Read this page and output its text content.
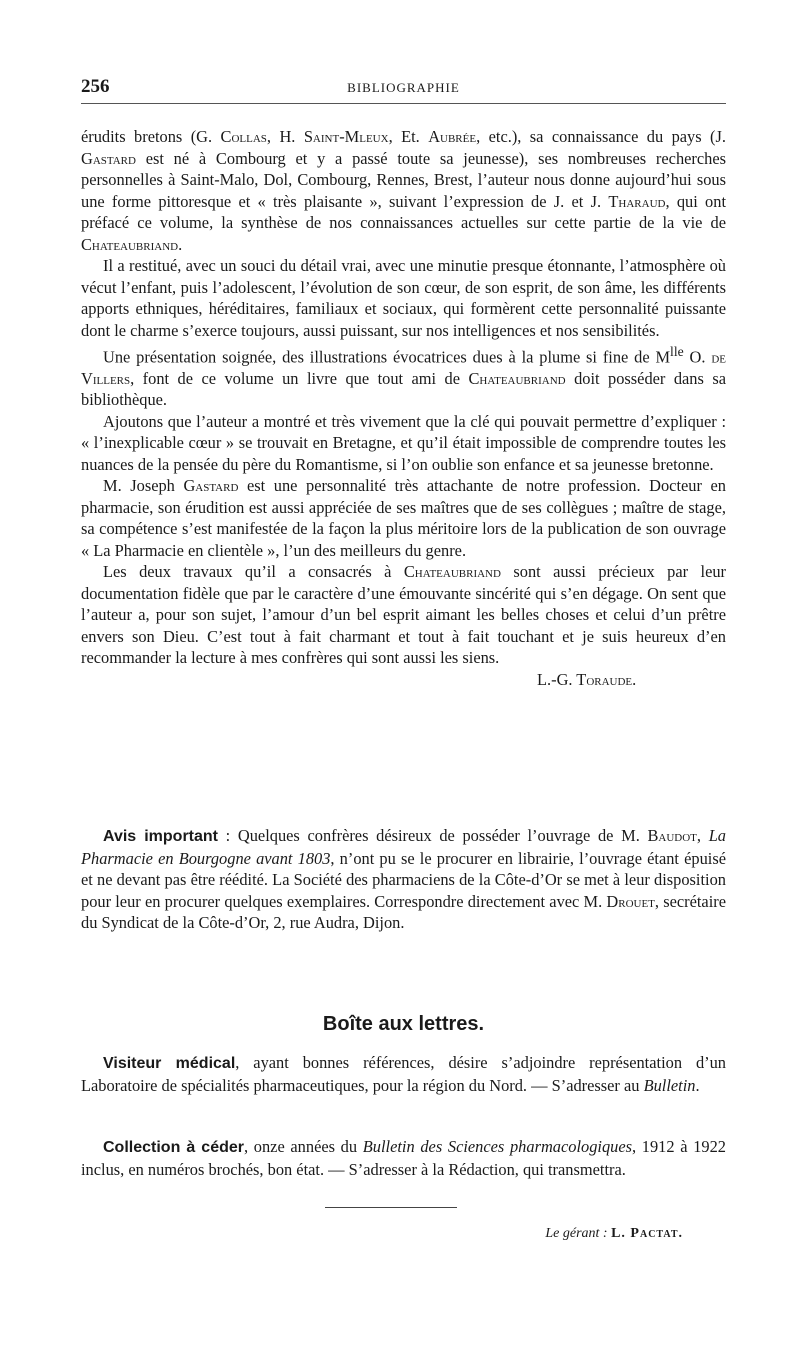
256	BIBLIOGRAPHIE

érudits bretons (G. Collas, H. Saint-Mleux, Et. Aubrée, etc.), sa connaissance du pays (J. Gastard est né à Combourg et y a passé toute sa jeunesse), ses nombreuses recherches personnelles à Saint-Malo, Dol, Combourg, Rennes, Brest, l’auteur nous donne aujourd’hui sous une forme pittoresque et « très plaisante », suivant l’expression de J. et J. Tharaud, qui ont préfacé ce volume, la synthèse de nos connaissances actuelles sur cette partie de la vie de Chateaubriand.

Il a restitué, avec un souci du détail vrai, avec une minutie presque étonnante, l’atmosphère où vécut l’enfant, puis l’adolescent, l’évolution de son cœur, de son esprit, de son âme, les différents apports ethniques, héréditaires, familiaux et sociaux, qui formèrent cette personnalité puissante dont le charme s’exerce toujours, aussi puissant, sur nos intelligences et nos sensibilités.

Une présentation soignée, des illustrations évocatrices dues à la plume si fine de $M^{lle}$ O. de Villers, font de ce volume un livre que tout ami de Chateaubriand doit posséder dans sa bibliothèque.

Ajoutons que l’auteur a montré et très vivement que la clé qui pouvait permettre d’expliquer : « l’inexplicable cœur » se trouvait en Bretagne, et qu’il était impossible de comprendre toutes les nuances de la pensée du père du Romantisme, si l’on oublie son enfance et sa jeunesse bretonne.

M. Joseph Gastard est une personnalité très attachante de notre profession. Docteur en pharmacie, son érudition est aussi appréciée de ses maîtres que de ses collègues ; maître de stage, sa compétence s’est manifestée de la façon la plus méritoire lors de la publication de son ouvrage « La Pharmacie en clientèle », l’un des meilleurs du genre.

Les deux travaux qu’il a consacrés à Chateaubriand sont aussi précieux par leur documentation fidèle que par le caractère d’une émouvante sincérité qui s’en dégage. On sent que l’auteur a, pour son sujet, l’amour d’un bel esprit aimant les belles choses et celui d’un prêtre envers son Dieu. C’est tout à fait charmant et tout à fait touchant et je suis heureux d’en recommander la lecture à mes confrères qui sont aussi les siens.
L.-G. Toraude.

Avis important : Quelques confrères désireux de posséder l’ouvrage de M. Baudot, La Pharmacie en Bourgogne avant 1803, n’ont pu se le procurer en librairie, l’ouvrage étant épuisé et ne devant pas être réédité. La Société des pharmaciens de la Côte-d’Or se met à leur disposition pour leur en procurer quelques exemplaires. Correspondre directement avec M. Drouet, secrétaire du Syndicat de la Côte-d’Or, 2, rue Audra, Dijon.

Boîte aux lettres.

Visiteur médical, ayant bonnes références, désire s’adjoindre représentation d’un Laboratoire de spécialités pharmaceutiques, pour la région du Nord. — S’adresser au Bulletin.

Collection à céder, onze années du Bulletin des Sciences pharmacologiques, 1912 à 1922 inclus, en numéros brochés, bon état. — S’adresser à la Rédaction, qui transmettra.

Le gérant : L. Pactat.
